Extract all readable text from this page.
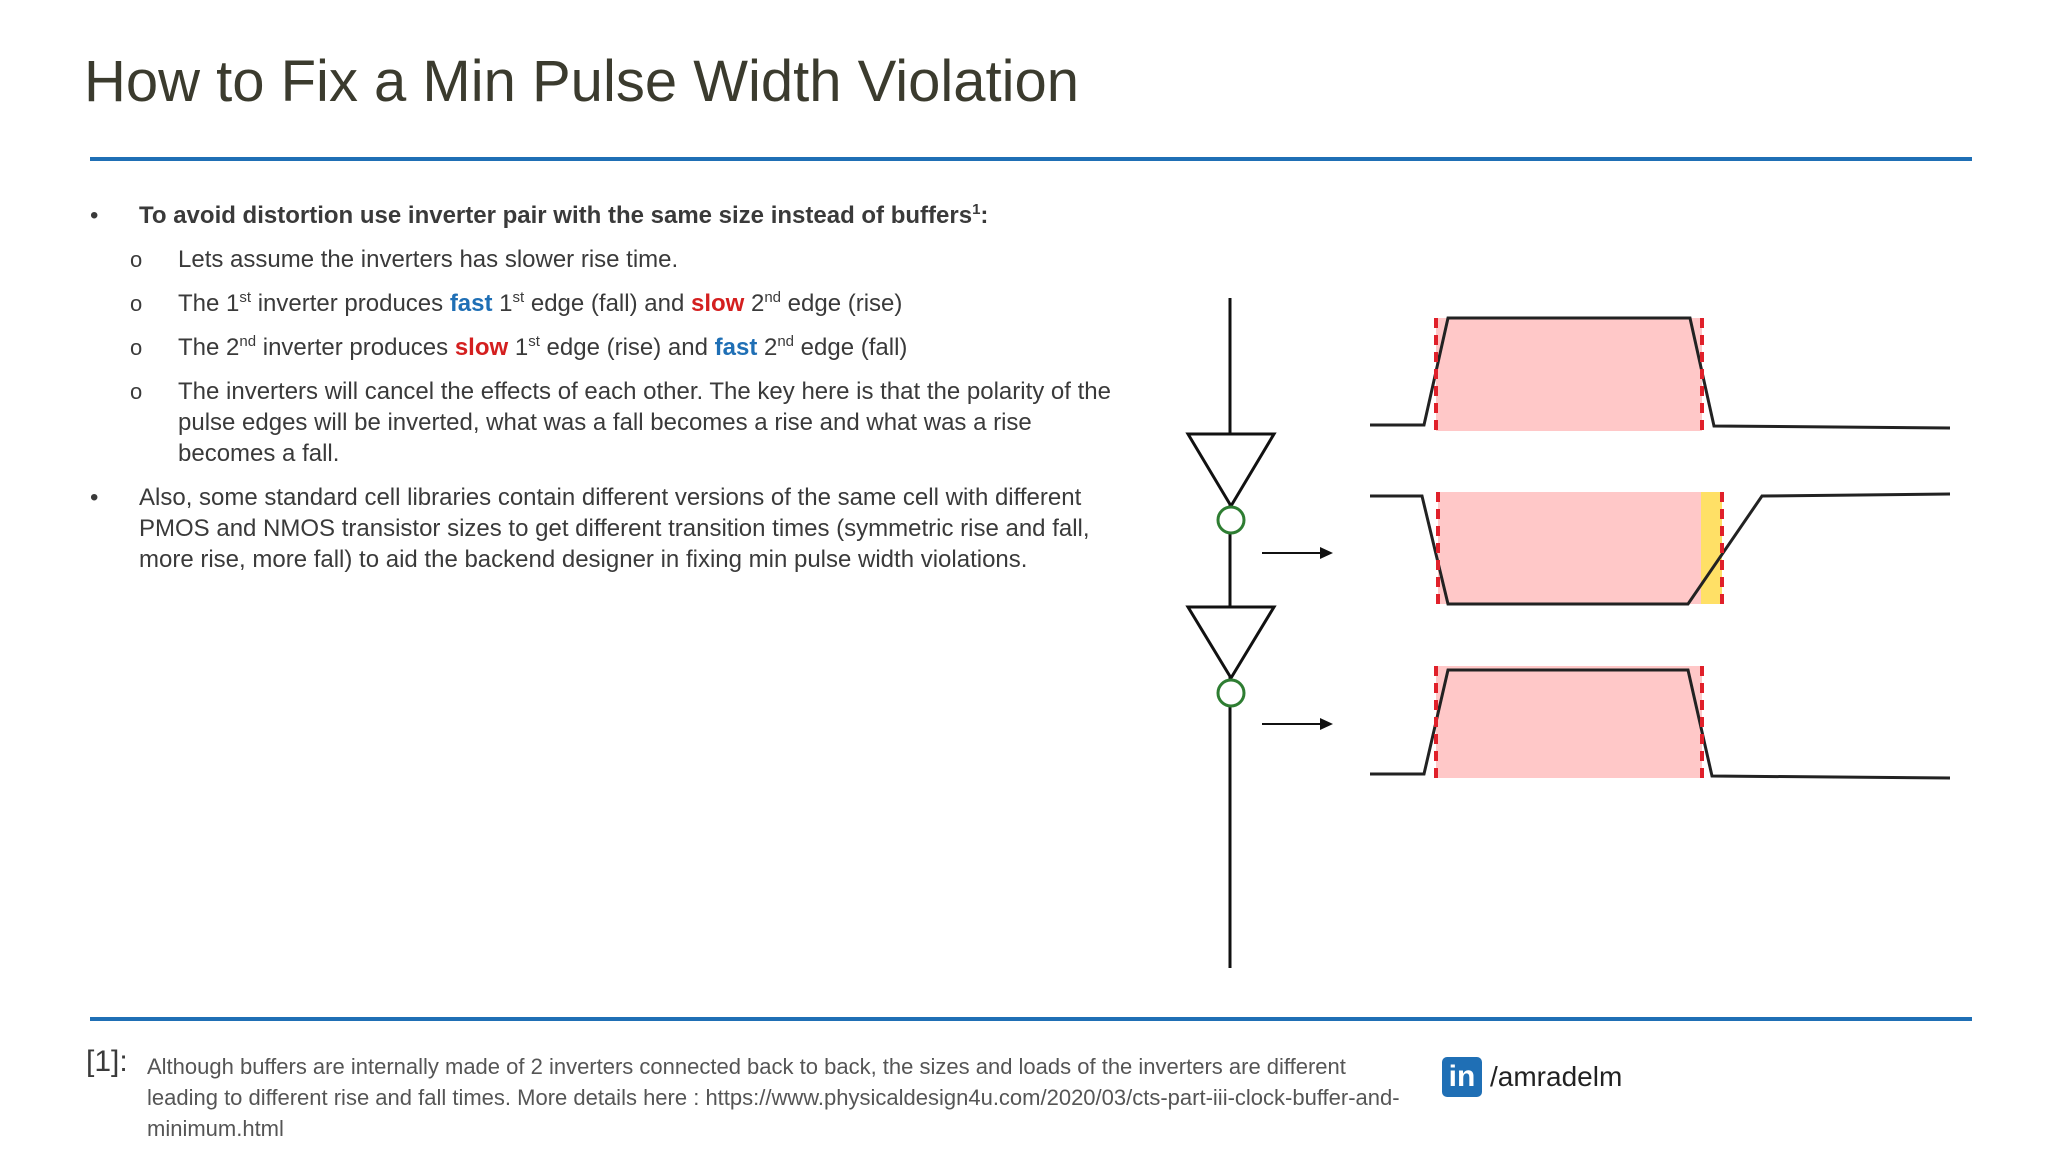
How to Fix a Min Pulse Width Violation
• To avoid distortion use inverter pair with the same size instead of buffers$^1$:
o Lets assume the inverters has slower rise time.
o The 1st inverter produces fast 1st edge (fall) and slow 2nd edge (rise)
o The 2nd inverter produces slow 1st edge (rise) and fast 2nd edge (fall)
o The inverters will cancel the effects of each other. The key here is that the polarity of the pulse edges will be inverted, what was a fall becomes a rise and what was a rise becomes a fall.
• Also, some standard cell libraries contain different versions of the same cell with different PMOS and NMOS transistor sizes to get different transition times (symmetric rise and fall, more rise, more fall) to aid the backend designer in fixing min pulse width violations.
[1]: Although buffers are internally made of 2 inverters connected back to back, the sizes and loads of the inverters are different leading to different rise and fall times. More details here : https://www.physicaldesign4u.com/2020/03/cts-part-iii-clock-buffer-and-minimum.html
in /amradelm
